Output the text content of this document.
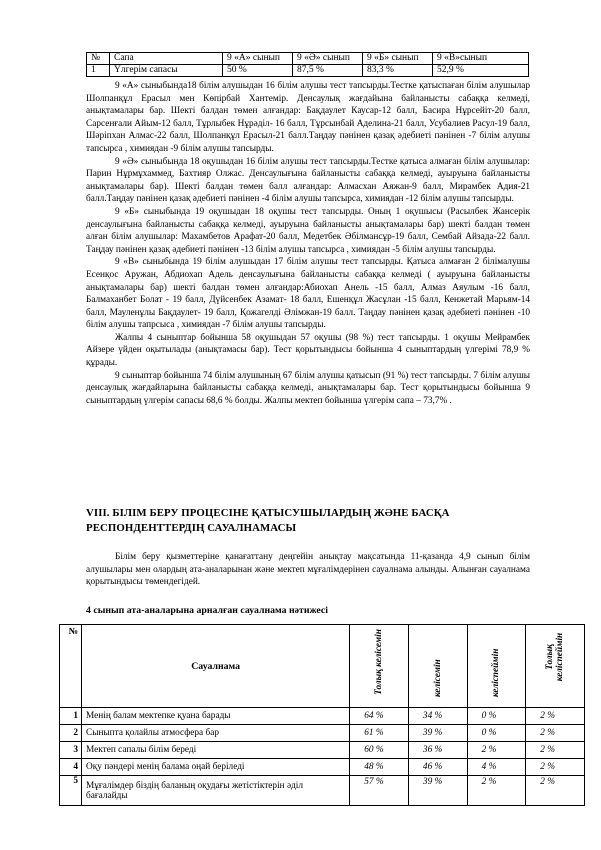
№	Сапа	9 «А» сынып	9 «Ә» сынып	9 «Б» сынып	9 «В»сынып
1	Үлгерім сапасы	50 %	87,5 %	83,3 %	52,9 %

9 «А» сыныбында18 білім алушыдан 16 білім алушы тест тапсырды.Тестке қатыспаған білім алушылар Шолпанқұл Ерасыл мен Көпірбай Хантемір. Денсаулық жағдайына байланысты сабаққа келмеді, анықтамалары бар. Шекті балдан төмен алғандар: Бақдаулет Каусар-12 балл, Басира Нұрсейіт-20 балл, Сарсенғали Айым-12 балл, Тұрлыбек Нұрәділ- 16 балл, Тұрсынбай Аделина-21 балл, Усубалиев Расул-19 балл, Шәріпхан Алмас-22 балл, Шолпанқұл Ерасыл-21 балл.Таңдау пәнінен қазақ әдебиеті пәнінен -7 білім алушы тапсырса , химиядан -9 білім алушы тапсырды.

9 «Ә» сыныбында 18 оқушыдан 16 білім алушы тест тапсырды.Тестке қатыса алмаған білім алушылар: Парин Нұрмұхаммед, Бахтияр Олжас. Денсаулығына байланысты сабаққа келмеді, ауыруына байланысты анықтамалары бар). Шекті балдан төмен балл алғандар: Алмасхан Аяжан-9 балл, Мирамбек Адия-21 балл.Таңдау пәнінен қазақ әдебиеті пәнінен -4 білім алушы тапсырса, химиядан -12 білім алушы тапсырды.

9 «Б» сыныбында 19 оқушыдан 18 оқушы тест тапсырды. Оның 1 оқушысы (Расылбек Жансерік денсаулығына байланысты сабаққа келмеді, ауыруына байланысты анықтамалары бар) шекті балдан төмен алған білім алушылар: Махамбетов Арафат-20 балл, Медетбек Әбілмансұр-19 балл, Сембай Айзада-22 балл. Таңдау пәнінен қазақ әдебиеті пәнінен -13 білім алушы тапсырса , химиядан -5 білім алушы тапсырды.

9 «В» сыныбында 19 білім алушыдан 17 білім алушы тест тапсырды. Қатыса алмаған 2 білімалушы Есенқос Аружан, Абдиохап Адель денсаулығына байланысты сабаққа келмеді ( ауыруына байланысты анықтамалары бар) шекті балдан төмен алғандар:Абиохап Анель -15 балл, Алмаз Аяулым -16 балл, Балмаханбет Болат - 19 балл, Дүйсенбек Азамат- 18 балл, Ешенқұл Жасұлан -15 балл, Кенжетай Марьям-14 балл, Мауленұлы Бақдаулет- 19 балл, Қожагелді Әлімжан-19 балл. Таңдау пәнінен қазақ әдебиеті пәнінен -10 білім алушы тапрсыса , химиядан -7 білім алушы тапсырды.

Жалпы 4 сыныптар бойынша 58 оқушыдан 57 оқушы (98 %) тест тапсырды. 1 оқушы Мейрамбек Айзере үйден оқытылады (анықтамасы бар). Тест қорытындысы бойынша 4 сыныптардың үлгерімі 78,9 % құрады.

9 сыныптар бойынша 74 білім алушының 67 білім алушы қатысып (91 %) тест тапсырды. 7 білім алушы денсаулық жағдайларына байланысты сабаққа келмеді, анықтамалары бар. Тест қорытындысы бойынша 9 сыныптардың үлгерім сапасы 68,6 % болды. Жалпы мектеп бойынша үлгерім сапа – 73,7% .

VIII. БІЛІМ БЕРУ ПРОЦЕСІНЕ ҚАТЫСУШЫЛАРДЫҢ ЖӘНЕ БАСҚА РЕСПОНДЕНТТЕРДІҢ САУАЛНАМАСЫ

Білім беру қызметтеріне қанағаттану деңгейін анықтау мақсатында 11-қазанда 4,9 сынып білім алушылары мен олардың ата-аналарынан және мектеп мұғалімдерінен сауалнама алынды. Алынған сауалнама қорытындысы төмендегідей.

4 сынып ата-аналарына арналған сауалнама нәтижесі
№	Сауалнама	Толық келісемін	келісемін	келіспеймін	Толық келіспеймін

1	Менің балам мектепке қуана барады	64 %	34 %	0 %	2 %
2	Сыныпта қолайлы атмосфера бар	61 %	39 %	0 %	2 %
3	Мектеп сапалы білім береді	60 %	36 %	2 %	2 %
4	Оқу пәндері менің балама оңай беріледі	48 %	46 %	4 %	2 %
5	Мұғалімдер біздің баланың оқудағы жетістіктерін әділ бағалайды	57 %	39 %	2 %	2 %
